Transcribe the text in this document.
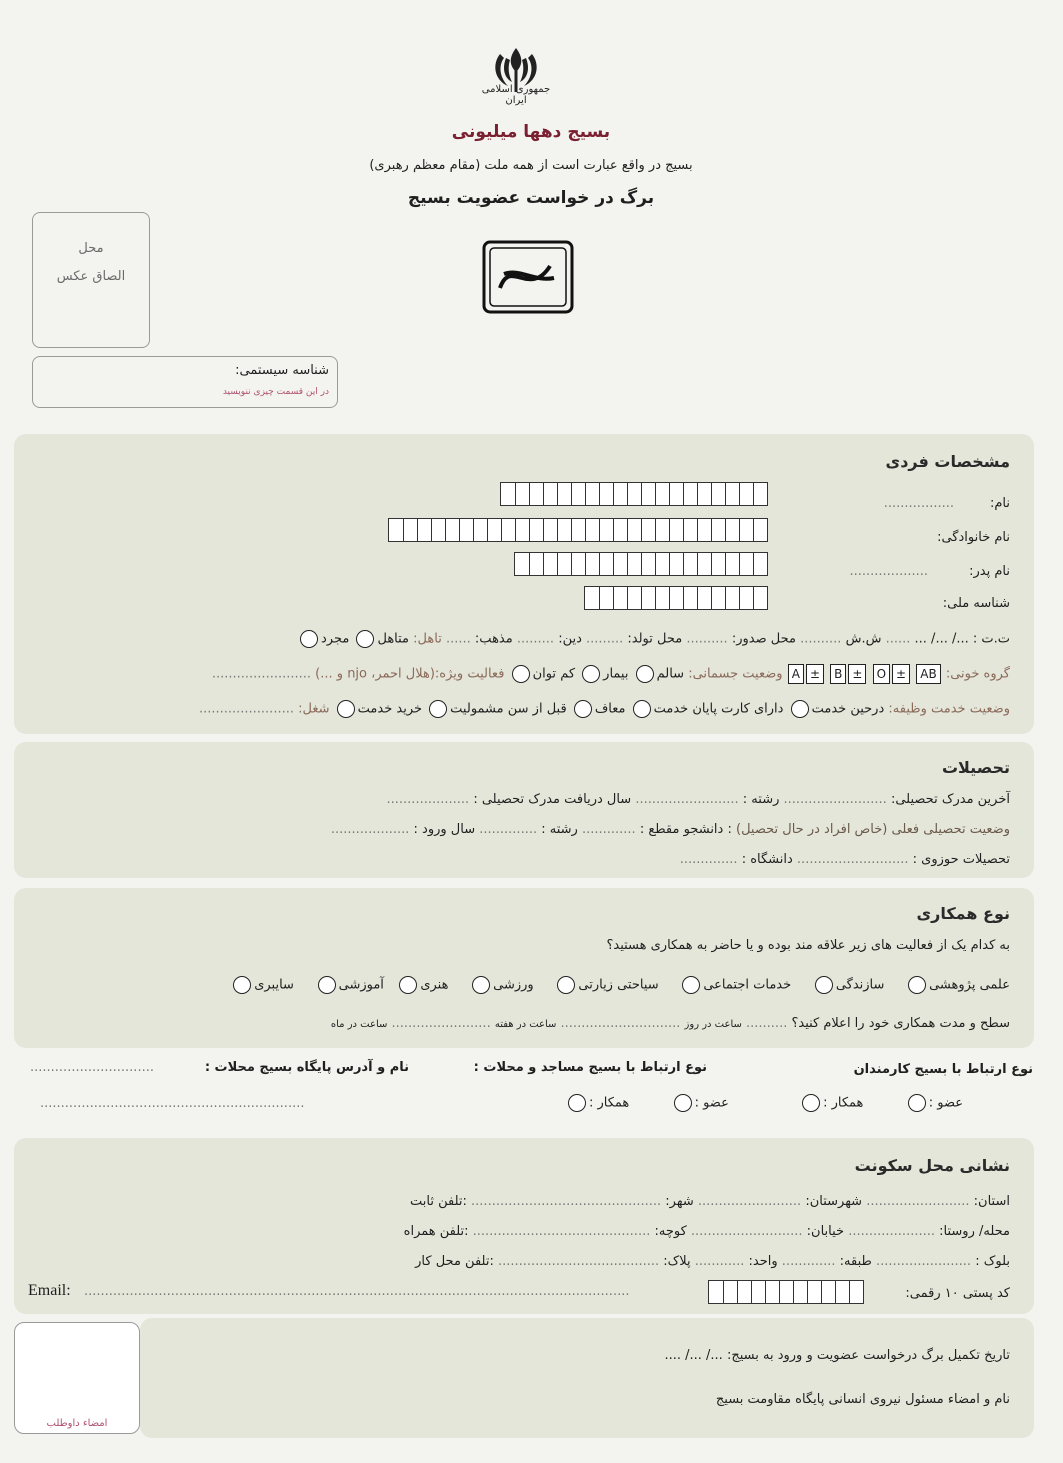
جمهوری اسلامی ایران
بسیج دهها میلیونی
بسیج در واقع عبارت است از همه ملت (مقام معظم رهبری)
برگ در خواست عضویت بسیج
محل
الصاق عکس
شناسه سیستمی:
در این قسمت چیزی ننویسید
مشخصات فردی
نام:
.................
نام خانوادگی:
نام پدر:
...................
شناسه ملی:
ت.ت : .../ .../ ... ...... ش.ش .......... محل صدور: .......... محل تولد: ......... دین: ......... مذهب: ...... تاهل: متاهل مجرد
گروه خونی: AB ±O ±B ±A وضعیت جسمانی: سالم بیمار کم توان فعالیت ویژه:(هلال احمر، njo و ...) ........................
وضعیت خدمت وظیفه: درحین خدمت دارای کارت پایان خدمت معاف قبل از سن مشمولیت خرید خدمت شغل: .......................
تحصیلات
آخرین مدرک تحصیلی: ......................... رشته : ......................... سال دریافت مدرک تحصیلی : ....................
وضعیت تحصیلی فعلی (خاص افراد در حال تحصیل) : دانشجو مقطع : ............. رشته : .............. سال ورود : ...................
تحصیلات حوزوی : ........................... دانشگاه : ..............
نوع همکاری
به کدام یک از فعالیت های زیر علاقه مند بوده و یا حاضر به همکاری هستید؟
علمی پژوهشی     سازندگی     خدمات اجتماعی     سیاحتی زیارتی     ورزشی     هنری   آموزشی     سایبری
سطح و مدت همکاری خود را اعلام کنید؟ .......... ساعت در روز ............................. ساعت در هفته ........................ ساعت در ماه
نوع ارتباط با بسیج کارمندان
نوع ارتباط با بسیج مساجد و محلات :
نام و آدرس پایگاه بسیج محلات :
..............................
................................................................	عضو :          همکار :                 عضو :          همکار :
نشانی محل سکونت
استان: ......................... شهرستان: ......................... شهر: .............................................. :تلفن ثابت
محله/ روستا: ..................... خیابان: ........................... کوچه: ........................................... :تلفن همراه
بلوک : ....................... طبقه: ............. واحد: ............ پلاک: ....................................... :تلفن محل کار
کد پستی ۱۰ رقمی:
....................................................................................................................................
Email:
تاریخ تکمیل برگ درخواست عضویت و ورود به بسیج: .../ .../ ....
نام و امضاء مسئول نیروی انسانی پایگاه مقاومت بسیج
امضاء داوطلب
